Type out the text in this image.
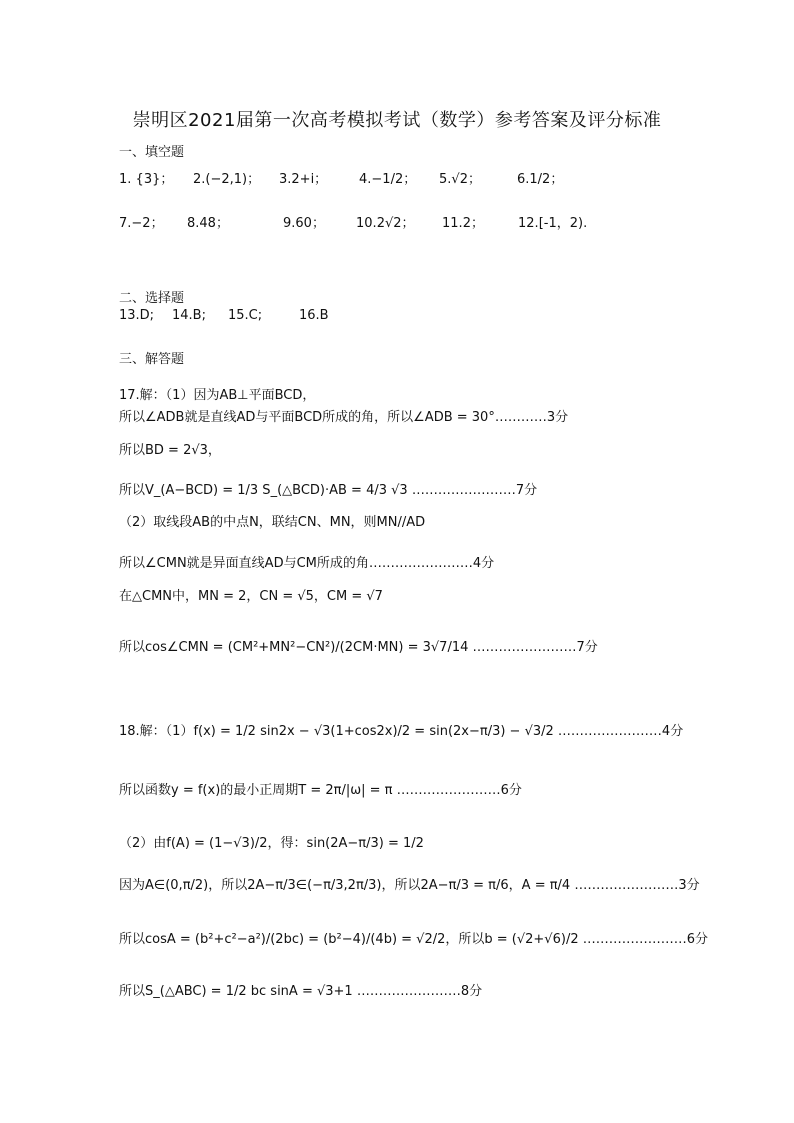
崇明区2021届第一次高考模拟考试（数学）参考答案及评分标准
一、填空题
1. {3}； 2.(−2,1)； 3.2+i； 4.−1/2； 5.√2；	6.1/2；
7.−2； 8.48；	9.60； 10.2√2； 11.2；	12.[-1，2).
二、选择题
13.D; 14.B; 15.C;	16.B
三、解答题
17.解：（1）因为AB⊥平面BCD，
所以∠ADB就是直线AD与平面BCD所成的角，所以∠ADB = 30°…………3分
所以BD = 2√3，
所以V_(A−BCD) = 1/3 S_(△BCD)·AB = 4/3 √3 ……………………7分
（2）取线段AB的中点N，联结CN、MN，则MN//AD
所以∠CMN就是异面直线AD与CM所成的角……………………4分
在△CMN中，MN = 2，CN = √5，CM = √7
所以cos∠CMN = (CM²+MN²−CN²)/(2CM·MN) = 3√7/14 ……………………7分
18.解：（1）f(x) = 1/2 sin2x − √3(1+cos2x)/2 = sin(2x−π/3) − √3/2 ……………………4分
所以函数y = f(x)的最小正周期T = 2π/|ω| = π ……………………6分
（2）由f(A) = (1−√3)/2，得：sin(2A−π/3) = 1/2
因为A∈(0,π/2)，所以2A−π/3∈(−π/3,2π/3)，所以2A−π/3 = π/6，A = π/4 ……………………3分
所以cosA = (b²+c²−a²)/(2bc) = (b²−4)/(4b) = √2/2，所以b = (√2+√6)/2 ……………………6分
所以S_(△ABC) = 1/2 bc sinA = √3+1 ……………………8分
